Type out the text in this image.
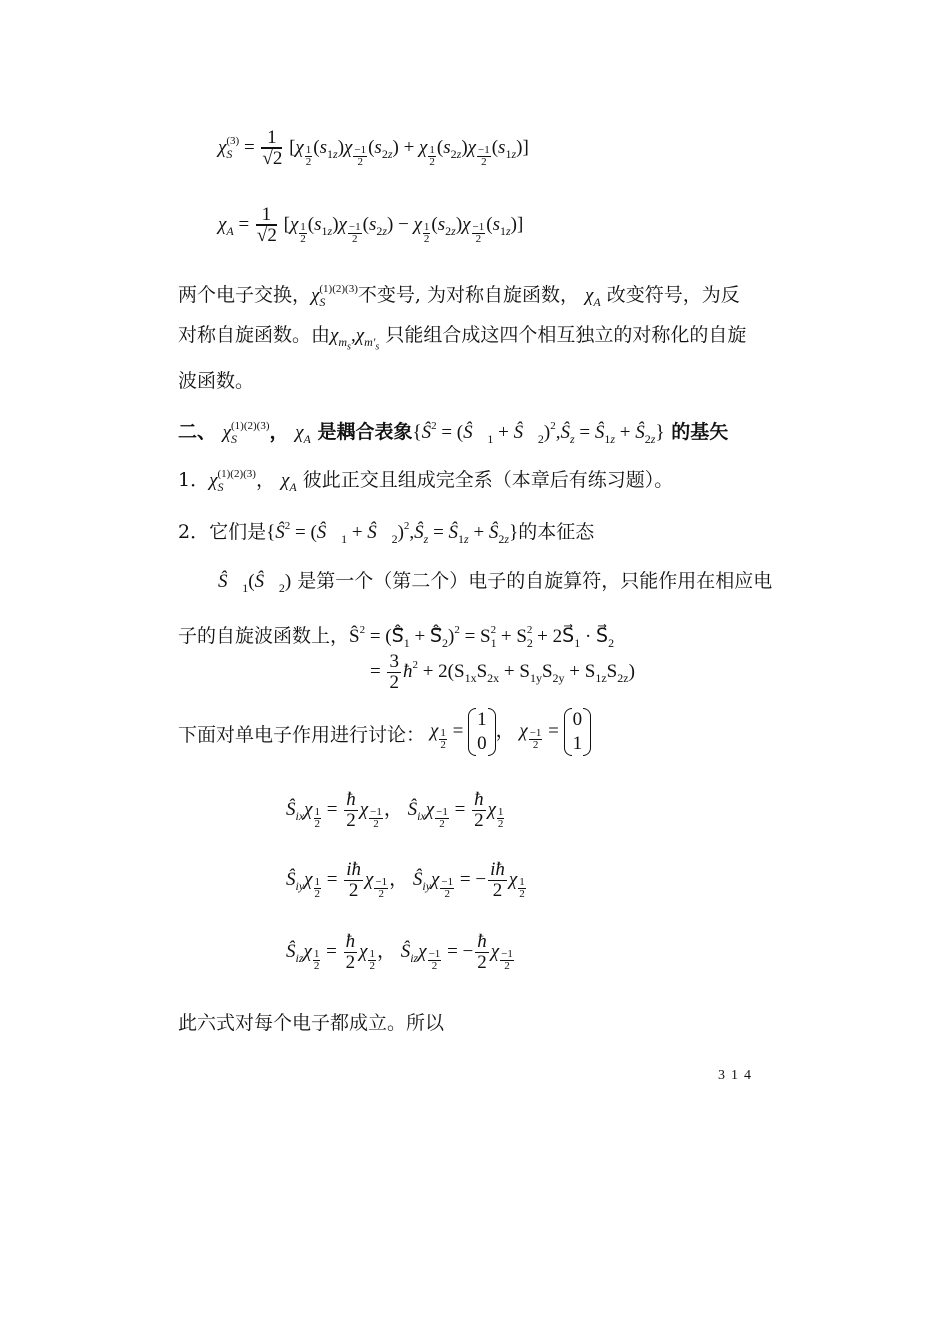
$\chi_S^{(3)} = \frac{1}{√2} [\chi \frac{1}{2} (s_{1z})\chi \frac{-1}{2} (s_{2z}) + \chi \frac{1}{2} (s_{2z})\chi \frac{-1}{2} (s_{1z})]$
$\chi_A = \frac{1}{√2} [\chi \frac{1}{2} (s_{1z})\chi \frac{-1}{2} (s_{2z}) - \chi \frac{1}{2} (s_{2z})\chi \frac{-1}{2} (s_{1z})]$
两个电子交换，$\chi_S^{(1)(2)(3)}$不变号, 为对称自旋函数， $\chi_A$ 改变符号，为反
对称自旋函数。由$\chi_{m_s},\chi_{m'_s}$ 只能组合成这四个相互独立的对称化的自旋
波函数。
二、 $\chi_S^{(1)(2)(3)}$， $\chi_A$ 是耦合表象{$Ŝ^2$ = ($Ŝ⃗_1$ + $Ŝ⃗_2)^2,Ŝ_z$ = $Ŝ_{1z}$ + $Ŝ_{2z}$} 的基矢
1．$\chi_S^{(1)(2)(3)}$， $\chi_A$ 彼此正交且组成完全系（本章后有练习题）。
2．它们是{$Ŝ^2$ = ($Ŝ⃗_1$ + $Ŝ⃗_2)^2,Ŝ_z$ = $Ŝ_{1z}$ + $Ŝ_{2z}$}的本征态
$Ŝ⃗_1(Ŝ⃗_2)$ 是第一个（第二个）电子的自旋算符，只能作用在相应电
子的自旋波函数上，$Ŝ^2$ = ($Ŝ⃗_1$ + $Ŝ⃗_2)^2 = S_1^2 + S_2^2$ + $2S⃗_1$ · $S⃗_2$
= $\frac{3}{2}$ $ħ^2 + 2(S_{1x}S_{2x} + S_{1y}S_{2y} + S_{1z}S_{2z})$
下面对单电子作用进行讨论： χ $\frac{1}{2}$ =
1
0
， χ $\frac{-1}{2}$ =
0
1
$Ŝ_{ix}\chi \frac{1}{2} = \frac{ħ}{2}$ χ $\frac{-1}{2}$ ， $Ŝ_{ix}\chi \frac{-1}{2} = \frac{ħ}{2}$ χ $\frac{1}{2}$
$Ŝ_{iy}\chi \frac{1}{2} = \frac{iħ}{2}$ χ $\frac{-1}{2}$ ， $Ŝ_{iy}\chi \frac{-1}{2}$ = − $\frac{iħ}{2}$ χ $\frac{1}{2}$
$Ŝ_{iz}\chi \frac{1}{2} = \frac{ħ}{2}$ χ $\frac{1}{2}$ ， $Ŝ_{iz}\chi \frac{-1}{2}$ = − $\frac{ħ}{2}$ χ $\frac{-1}{2}$
此六式对每个电子都成立。所以
314
